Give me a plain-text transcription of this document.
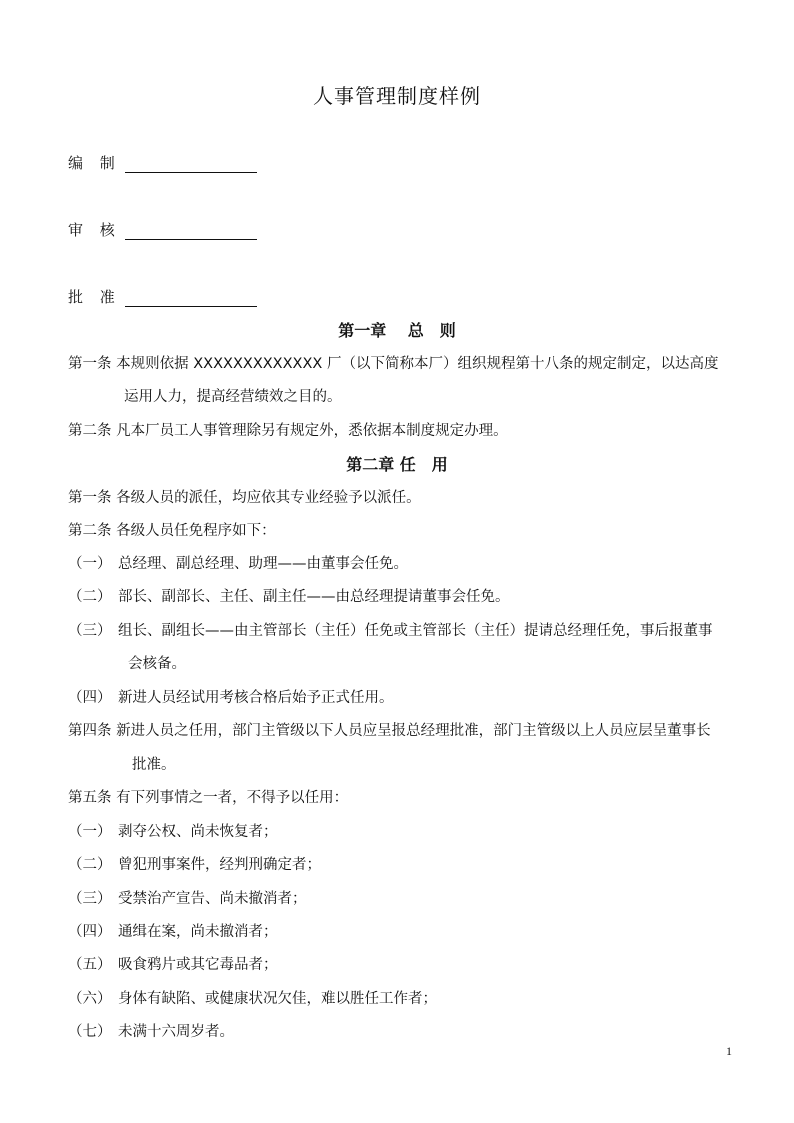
人事管理制度样例
编 制
审 核
批 准
第一章　 总　则
第一条 本规则依据 XXXXXXXXXXXXX 厂（以下简称本厂）组织规程第十八条的规定制定，以达高度
运用人力，提高经营绩效之目的。
第二条 凡本厂员工人事管理除另有规定外，悉依据本制度规定办理。
第二章 任　用
第一条 各级人员的派任，均应依其专业经验予以派任。
第二条 各级人员任免程序如下：
（一） 总经理、副总经理、助理——由董事会任免。
（二） 部长、副部长、主任、副主任——由总经理提请董事会任免。
（三） 组长、副组长——由主管部长（主任）任免或主管部长（主任）提请总经理任免，事后报董事
会核备。
（四） 新进人员经试用考核合格后始予正式任用。
第四条 新进人员之任用，部门主管级以下人员应呈报总经理批准，部门主管级以上人员应层呈董事长
批准。
第五条 有下列事情之一者，不得予以任用：
（一） 剥夺公权、尚未恢复者；
（二） 曾犯刑事案件，经判刑确定者；
（三） 受禁治产宣告、尚未撤消者；
（四） 通缉在案，尚未撤消者；
（五） 吸食鸦片或其它毒品者；
（六） 身体有缺陷、或健康状况欠佳，难以胜任工作者；
（七） 未满十六周岁者。
1
